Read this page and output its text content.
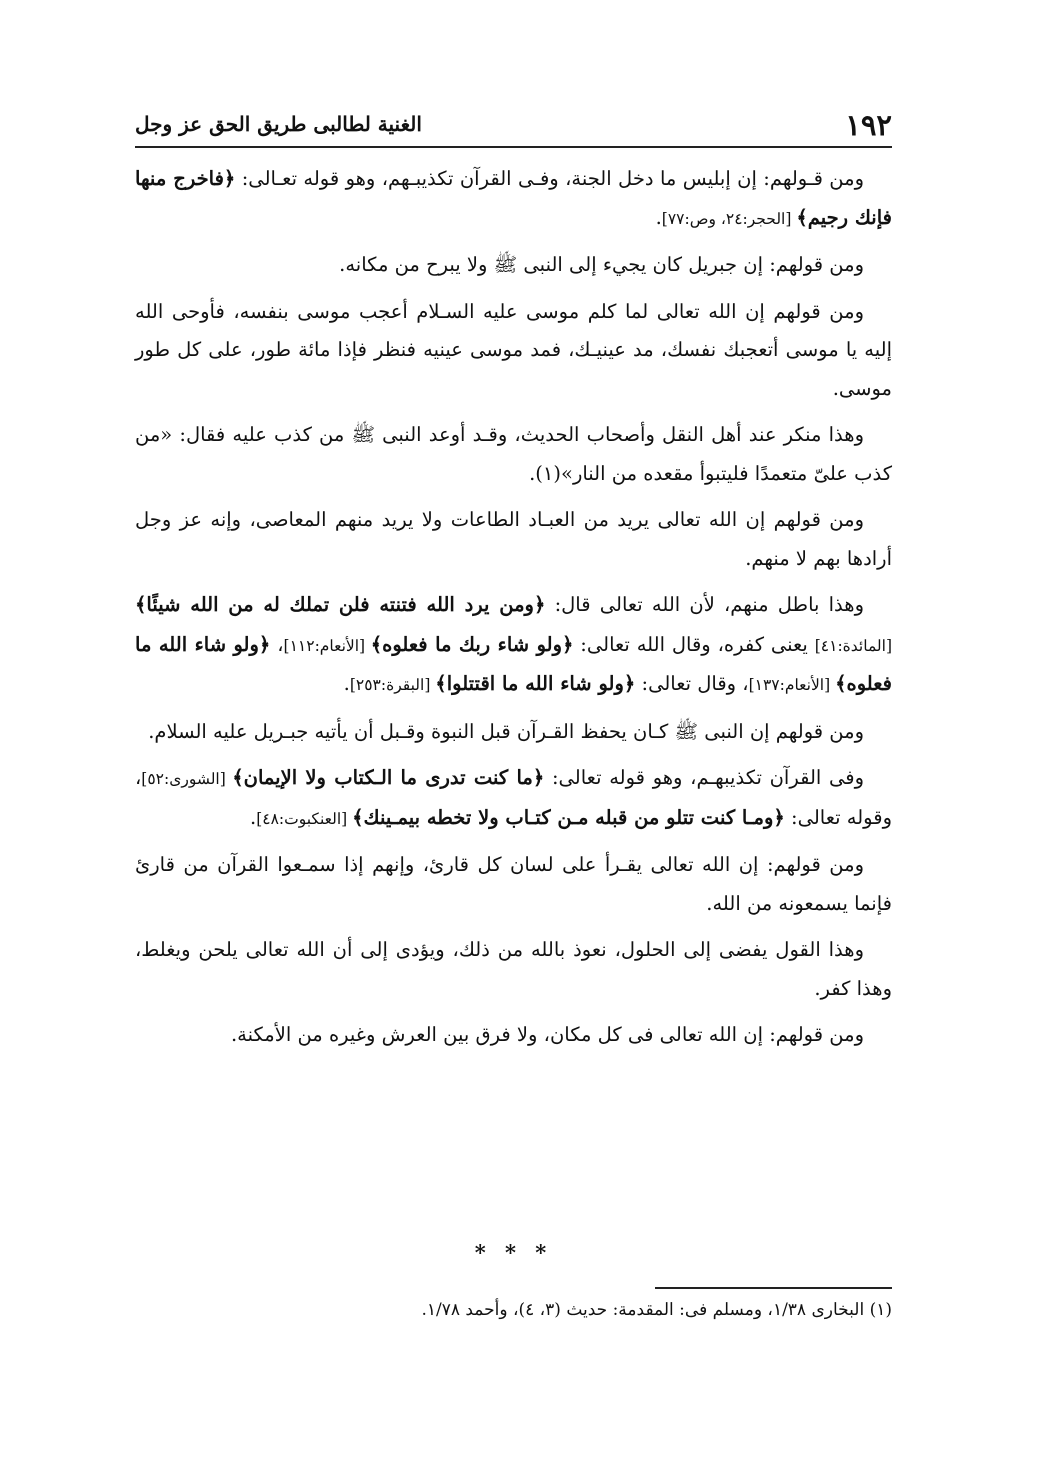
١٩٢
الغنية لطالبى طريق الحق عز وجل

ومن قـولهم: إن إبليس ما دخل الجنة، وفـى القرآن تكذيبـهم، وهو قوله تعـالى: ﴿فاخرج منها فإنك رجيم﴾ [الحجر:٢٤، وص:٧٧].

ومن قولهم: إن جبريل كان يجيء إلى النبى ﷺ ولا يبرح من مكانه.

ومن قولهم إن الله تعالى لما كلم موسى عليه السـلام أعجب موسى بنفسه، فأوحى الله إليه يا موسى أتعجبك نفسك، مد عينيـك، فمد موسى عينيه فنظر فإذا مائة طور، على كل طور موسى.

وهذا منكر عند أهل النقل وأصحاب الحديث، وقـد أوعد النبى ﷺ من كذب عليه فقال: «من كذب علىّ متعمدًا فليتبوأ مقعده من النار»(١).

ومن قولهم إن الله تعالى يريد من العبـاد الطاعات ولا يريد منهم المعاصى، وإنه عز وجل أرادها بهم لا منهم.

وهذا باطل منهم، لأن الله تعالى قال: ﴿ومن يرد الله فتنته فلن تملك له من الله شيئًا﴾ [المائدة:٤١] يعنى كفره، وقال الله تعالى: ﴿ولو شاء ربك ما فعلوه﴾ [الأنعام:١١٢]، ﴿ولو شاء الله ما فعلوه﴾ [الأنعام:١٣٧]، وقال تعالى: ﴿ولو شاء الله ما اقتتلوا﴾ [البقرة:٢٥٣].

ومن قولهم إن النبى ﷺ كـان يحفظ القـرآن قبل النبوة وقـبل أن يأتيه جبـريل عليه السلام.

وفى القرآن تكذيبهـم، وهو قوله تعالى: ﴿ما كنت تدرى ما الـكتاب ولا الإيمان﴾ [الشورى:٥٢]، وقوله تعالى: ﴿ومـا كنت تتلو من قبله مـن كتـاب ولا تخطه بيمـينك﴾ [العنكبوت:٤٨].

ومن قولهم: إن الله تعالى يقـرأ على لسان كل قارئ، وإنهم إذا سمـعوا القرآن من قارئ فإنما يسمعونه من الله.

وهذا القول يفضى إلى الحلول، نعوذ بالله من ذلك، ويؤدى إلى أن الله تعالى يلحن ويغلط، وهذا كفر.

ومن قولهم: إن الله تعالى فى كل مكان، ولا فرق بين العرش وغيره من الأمكنة.

* * *
(١) البخارى ١/٣٨، ومسلم فى: المقدمة: حديث (٣، ٤)، وأحمد ١/٧٨.
